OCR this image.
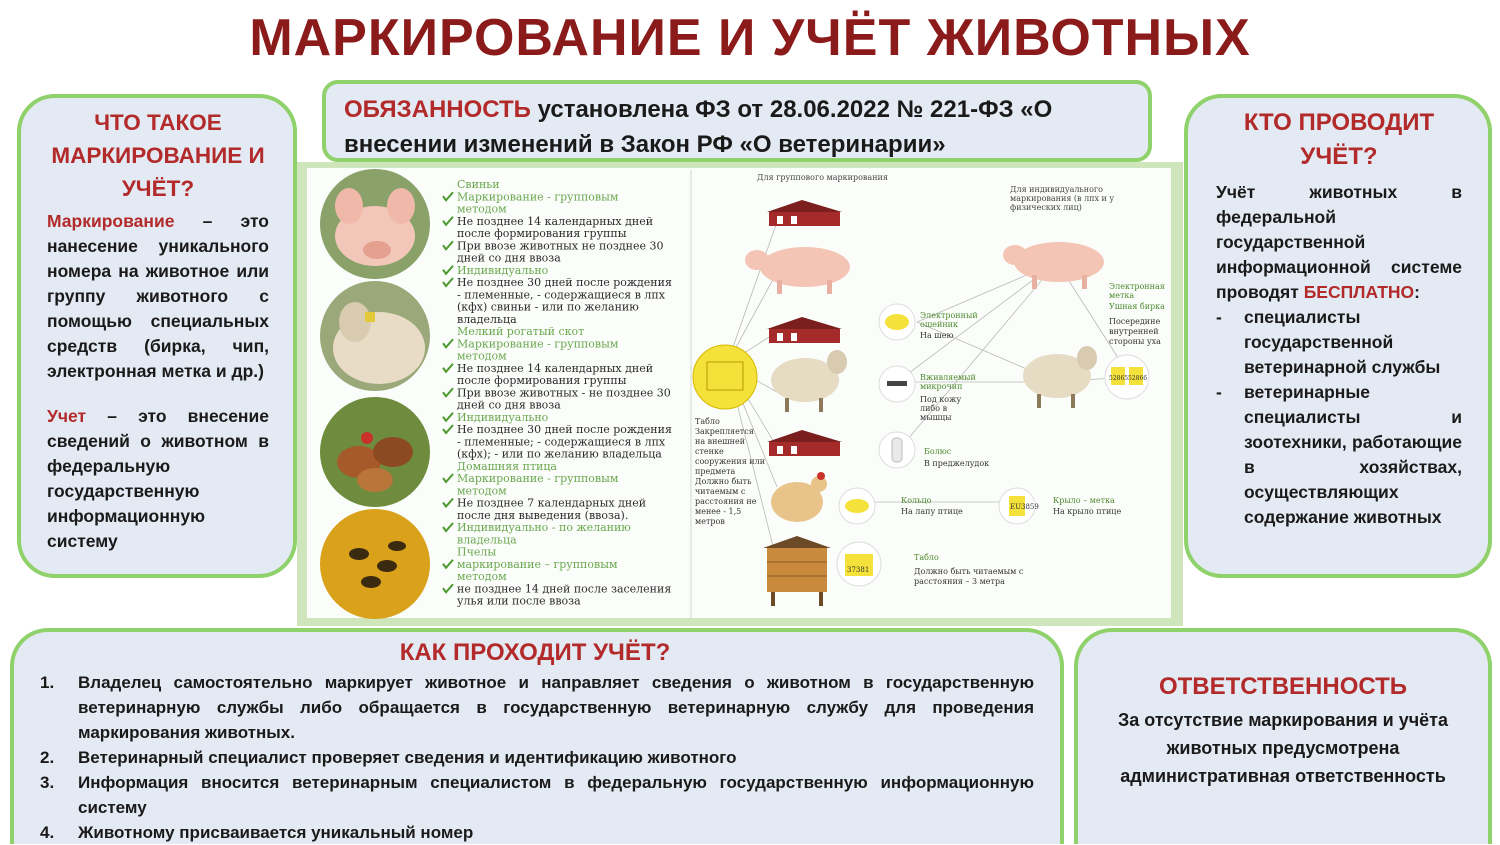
МАРКИРОВАНИЕ И УЧЁТ ЖИВОТНЫХ
ОБЯЗАННОСТЬ установлена ФЗ от 28.06.2022 № 221-ФЗ «О внесении изменений в Закон РФ «О ветеринарии»
ЧТО ТАКОЕ МАРКИРОВАНИЕ И УЧЁТ?

Маркирование – это нанесение уникального номера на животное или группу животного с помощью специальных средств (бирка, чип, электронная метка и др.)

Учет – это внесение сведений о животном в федеральную государственную информационную систему

КТО ПРОВОДИТ УЧЁТ?

Учёт животных в федеральной государственной информационной системе проводят БЕСПЛАТНО:

- специалисты государственной ветеринарной службы
- ветеринарные специалисты и зоотехники, работающие в хозяйствах, осуществляющих содержание животных
КАК ПРОХОДИТ УЧЁТ?
1. Владелец самостоятельно маркирует животное и направляет сведения о животном в государственную ветеринарную службы либо обращается в государственную ветеринарную службу для проведения маркирования животных.
2. Ветеринарный специалист проверяет сведения и идентификацию животного
3. Информация вносится ветеринарным специалистом в федеральную государственную информационную систему
4. Животному присваивается уникальный номер
ОТВЕТСТВЕННОСТЬ

За отсутствие маркирования и учёта животных предусмотрена административная ответственность

Свиньи
Маркирование - групповым
методом
Не позднее 14 календарных дней
после формирования группы
При ввозе животных не позднее 30
дней со дня ввоза
Индивидуально
Не позднее 30 дней после рождения
- племенные, - содержащиеся в лпх
(кфх) свиньи - или по желанию
владельца
Мелкий рогатый скот
Маркирование - групповым
методом
Не позднее 14 календарных дней
после формирования группы
При ввозе животных - не позднее 30
дней со дня ввоза
Индивидуально
Не позднее 30 дней после рождения
- племенные; - содержащиеся в лпх
(кфх); - или по желанию владельца
Домашняя птица
Маркирование - групповым
методом
Не позднее 7 календарных дней
после дня выведения (ввоза).
Индивидуально - по желанию
владельца
Пчелы
маркирование – групповым
методом
не позднее 14 дней после заселения
улья или после ввоза
Для группового маркирования
Для индивидуального
маркирования (в лпх и у
физических лиц)
Табло
Закрепляется
на внешней
стенке
сооружения или
предмета
Должно быть
читаемым с
расстояния не
менее - 1,5
метров
Электронный
ошейник
На шею
Вживляемый
микрочип
Под кожу
либо в
мышцы
Болюс
В преджелудок
Кольцо
На лапу птице	EU3859
Крыло – метка
На крыло птице
52865 52866
Электронная
метка
Ушная бирка
Посередине
внутренней
стороны уха
37381
Табло
Должно быть читаемым с
расстояния – 3 метра
